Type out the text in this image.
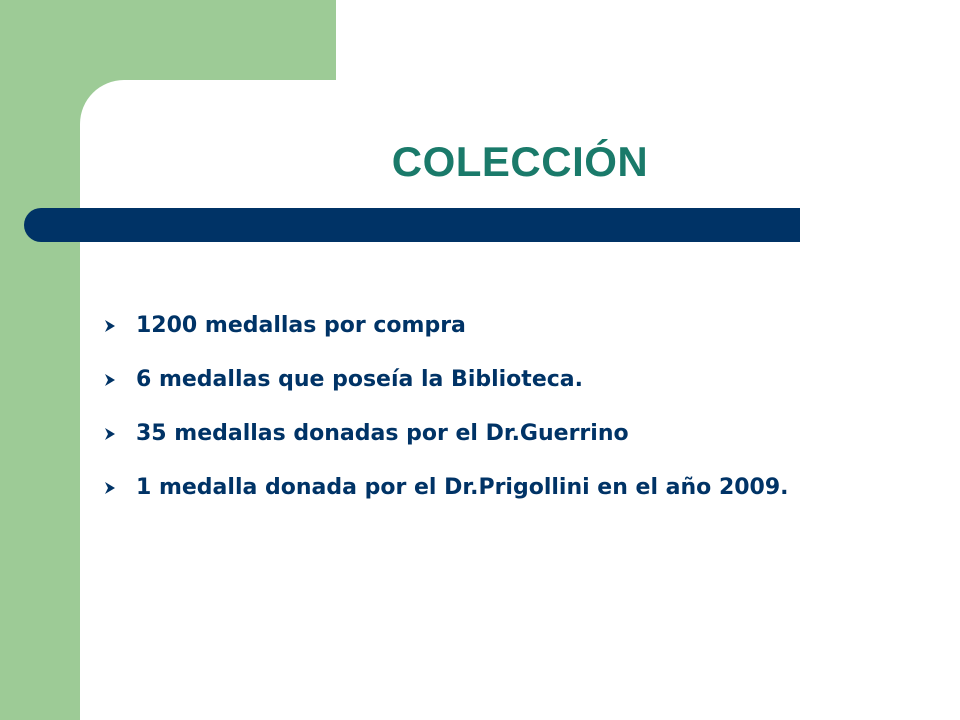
COLECCIÓN
1200 medallas por compra
6 medallas que poseía la Biblioteca.
35 medallas donadas por el Dr.Guerrino
1 medalla donada por el Dr.Prigollini en el año 2009.
